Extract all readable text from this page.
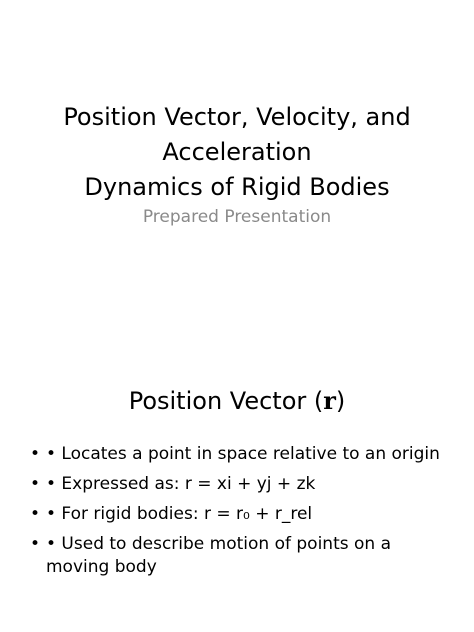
Position Vector, Velocity, and
Acceleration
Dynamics of Rigid Bodies
Prepared Presentation
Position Vector (r)
• • Locates a point in space relative to an origin
• • Expressed as: r = xi + yj + zk
• • For rigid bodies: r = r₀ + r_rel
• • Used to describe motion of points on a moving body
